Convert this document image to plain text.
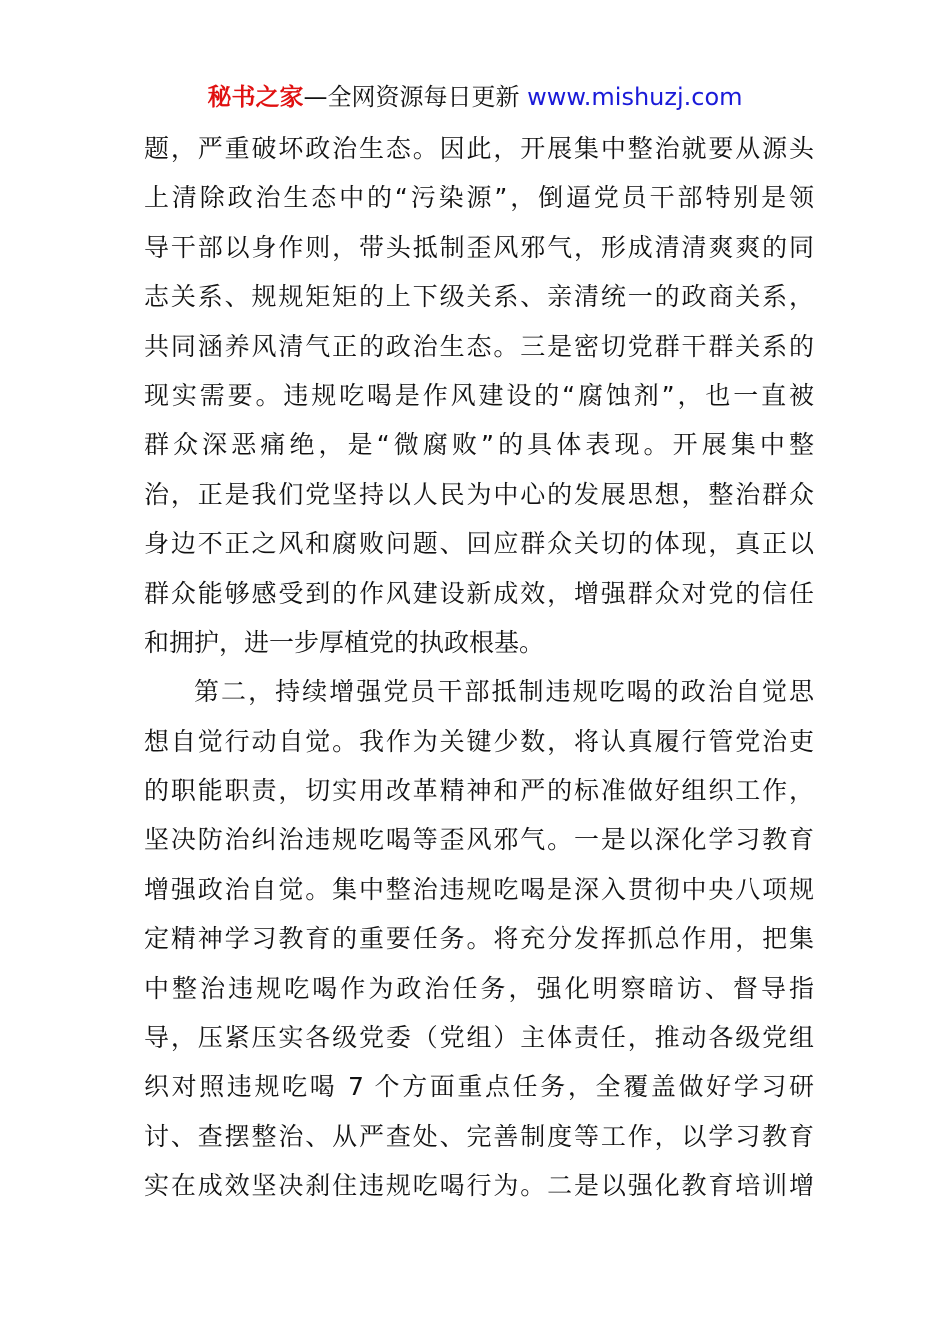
秘书之家—全网资源每日更新 www.mishuzj.com
题，严重破坏政治生态。因此，开展集中整治就要从源头
上清除政治生态中的“污染源”，倒逼党员干部特别是领
导干部以身作则，带头抵制歪风邪气，形成清清爽爽的同
志关系、规规矩矩的上下级关系、亲清统一的政商关系，
共同涵养风清气正的政治生态。三是密切党群干群关系的
现实需要。违规吃喝是作风建设的“腐蚀剂”，也一直被
群众深恶痛绝，是“微腐败”的具体表现。开展集中整
治，正是我们党坚持以人民为中心的发展思想，整治群众
身边不正之风和腐败问题、回应群众关切的体现，真正以
群众能够感受到的作风建设新成效，增强群众对党的信任
和拥护，进一步厚植党的执政根基。
第二，持续增强党员干部抵制违规吃喝的政治自觉思
想自觉行动自觉。我作为关键少数，将认真履行管党治吏
的职能职责，切实用改革精神和严的标准做好组织工作，
坚决防治纠治违规吃喝等歪风邪气。一是以深化学习教育
增强政治自觉。集中整治违规吃喝是深入贯彻中央八项规
定精神学习教育的重要任务。将充分发挥抓总作用，把集
中整治违规吃喝作为政治任务，强化明察暗访、督导指
导，压紧压实各级党委（党组）主体责任，推动各级党组
织对照违规吃喝 7 个方面重点任务，全覆盖做好学习研
讨、查摆整治、从严查处、完善制度等工作，以学习教育
实在成效坚决刹住违规吃喝行为。二是以强化教育培训增
